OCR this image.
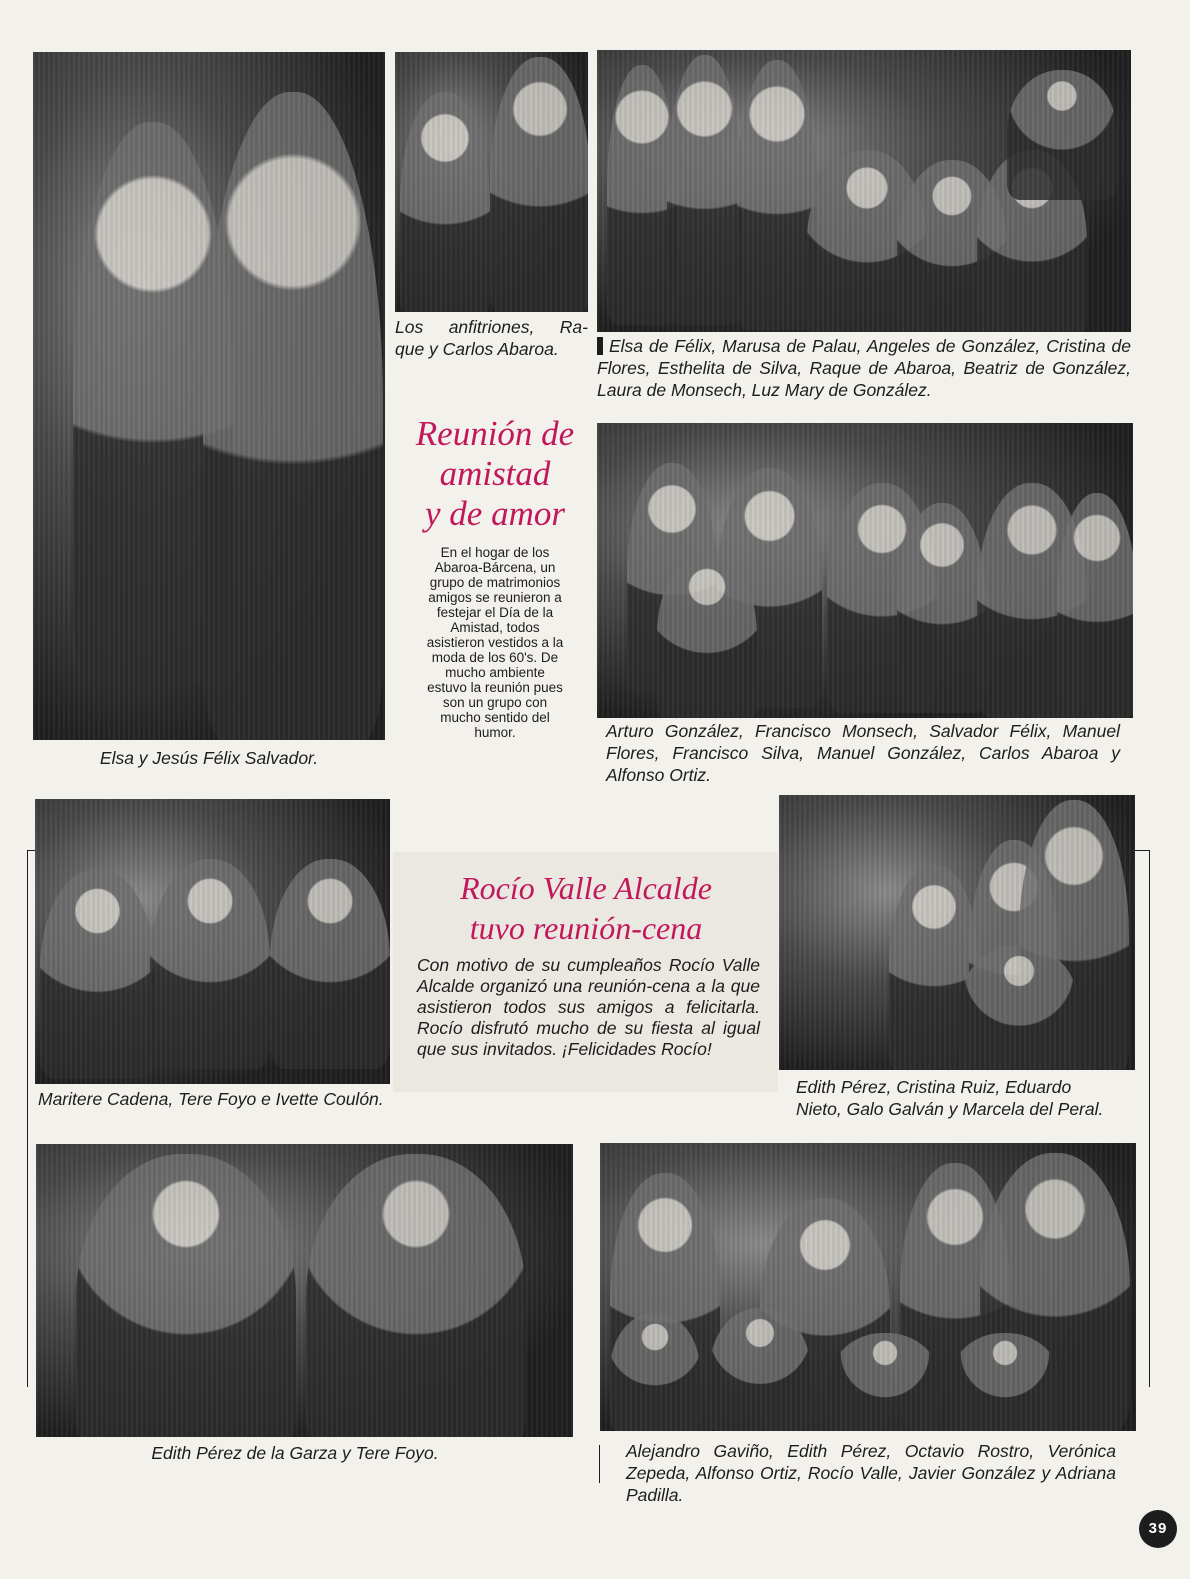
Elsa y Jesús Félix Salvador.
Los anfitriones, Ra-
que y Carlos Abaroa.	Elsa de Félix, Marusa de Palau, Angeles de González, Cristina de Flores, Esthelita de Silva, Raque de Abaroa, Beatriz de González, Laura de Monsech, Luz Mary de González.
Reunión de
amistad
y de amor
En el hogar de los
Abaroa-Bárcena, un
grupo de matrimonios
amigos se reunieron a
festejar el Día de la
Amistad, todos
asistieron vestidos a la
moda de los 60's. De
mucho ambiente
estuvo la reunión pues
son un grupo con
mucho sentido del
humor.	Arturo González, Francisco Monsech, Salvador Félix, Manuel Flores, Francisco Silva, Manuel González, Carlos Abaroa y Alfonso Ortiz.
Maritere Cadena, Tere Foyo e Ivette Coulón.
Rocío Valle Alcalde
tuvo reunión-cena
Con motivo de su cumpleaños Rocío Valle Alcalde organizó una reunión-cena a la que asistieron todos sus amigos a felicitarla. Rocío disfrutó mucho de su fiesta al igual que sus invitados. ¡Felicidades Rocío!
Edith Pérez, Cristina Ruiz, Eduardo Nieto, Galo Galván y Marcela del Peral.
Edith Pérez de la Garza y Tere Foyo.	Alejandro Gaviño, Edith Pérez, Octavio Rostro, Verónica Zepeda, Alfonso Ortiz, Rocío Valle, Javier González y Adriana Padilla.
39
